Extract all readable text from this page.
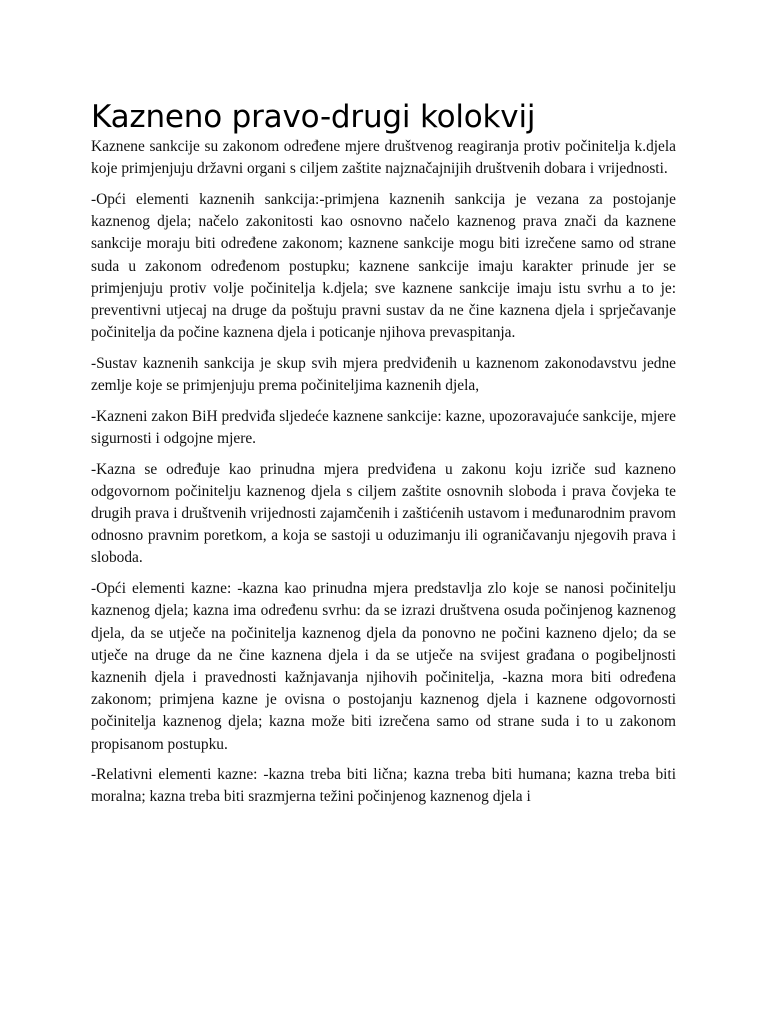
Kazneno pravo-drugi kolokvij

Kaznene sankcije su zakonom određene mjere društvenog reagiranja protiv počinitelja k.djela koje primjenjuju državni organi s ciljem zaštite najznačajnijih društvenih dobara i vrijednosti.

-Opći elementi kaznenih sankcija:-primjena kaznenih sankcija je vezana za postojanje kaznenog djela; načelo zakonitosti kao osnovno načelo kaznenog prava znači da kaznene sankcije moraju biti određene zakonom; kaznene sankcije mogu biti izrečene samo od strane suda u zakonom određenom postupku; kaznene sankcije imaju karakter prinude jer se primjenjuju protiv volje počinitelja k.djela; sve kaznene sankcije imaju istu svrhu a to je: preventivni utjecaj na druge da poštuju pravni sustav da ne čine kaznena djela i sprječavanje počinitelja da počine kaznena djela i poticanje njihova prevaspitanja.

-Sustav kaznenih sankcija je skup svih mjera predviđenih u kaznenom zakonodavstvu jedne zemlje koje se primjenjuju prema počiniteljima kaznenih djela,

-Kazneni zakon BiH predviđa sljedeće kaznene sankcije: kazne, upozoravajuće sankcije, mjere sigurnosti i odgojne mjere.

-Kazna se određuje kao prinudna mjera predviđena u zakonu koju izriče sud kazneno odgovornom počinitelju kaznenog djela s ciljem zaštite osnovnih sloboda i prava čovjeka te drugih prava i društvenih vrijednosti zajamčenih i zaštićenih ustavom i međunarodnim pravom odnosno pravnim poretkom, a koja se sastoji u oduzimanju ili ograničavanju njegovih prava i sloboda.

-Opći elementi kazne: -kazna kao prinudna mjera predstavlja zlo koje se nanosi počinitelju kaznenog djela; kazna ima određenu svrhu: da se izrazi društvena osuda počinjenog kaznenog djela, da se utječe na počinitelja kaznenog djela da ponovno ne počini kazneno djelo; da se utječe na druge da ne čine kaznena djela i da se utječe na svijest građana o pogibeljnosti kaznenih djela i pravednosti kažnjavanja njihovih počinitelja, -kazna mora biti određena zakonom; primjena kazne je ovisna o postojanju kaznenog djela i kaznene odgovornosti počinitelja kaznenog djela; kazna može biti izrečena samo od strane suda i to u zakonom propisanom postupku.

-Relativni elementi kazne: -kazna treba biti lična; kazna treba biti humana; kazna treba biti moralna; kazna treba biti srazmjerna težini počinjenog kaznenog djela i
